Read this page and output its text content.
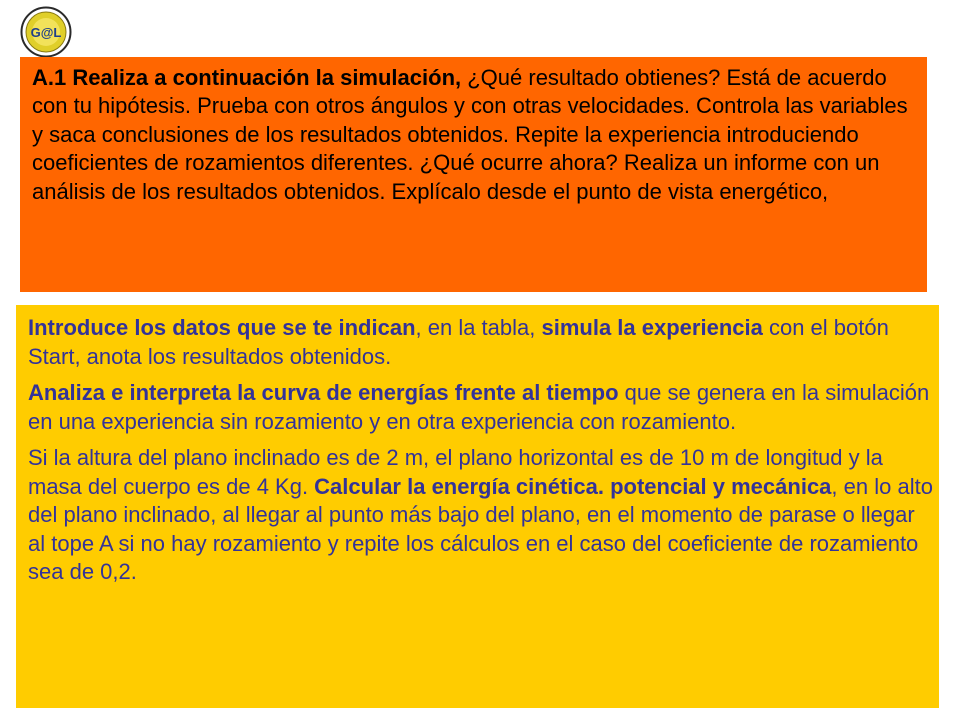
G@L
A.1 Realiza a continuación la simulación, ¿Qué resultado obtienes? Está de acuerdo con tu hipótesis. Prueba con otros ángulos y con otras velocidades. Controla las variables y saca conclusiones de los resultados obtenidos. Repite la experiencia introduciendo coeficientes de rozamientos diferentes. ¿Qué ocurre ahora? Realiza un informe con un análisis de los resultados obtenidos. Explícalo desde el punto de vista energético,

Introduce los datos que se te indican, en la tabla, simula la experiencia con el botón Start, anota los resultados obtenidos.

Analiza e interpreta la curva de energías frente al tiempo que se genera en la simulación en una experiencia sin rozamiento y en otra experiencia con rozamiento.

Si la altura del plano inclinado es de 2 m, el plano horizontal es de 10 m de longitud y la masa del cuerpo es de 4 Kg. Calcular la energía cinética. potencial y mecánica, en lo alto del plano inclinado, al llegar al punto más bajo del plano, en el momento de parase o llegar al tope A si no hay rozamiento y repite los cálculos en el caso del coeficiente de rozamiento sea de 0,2.
